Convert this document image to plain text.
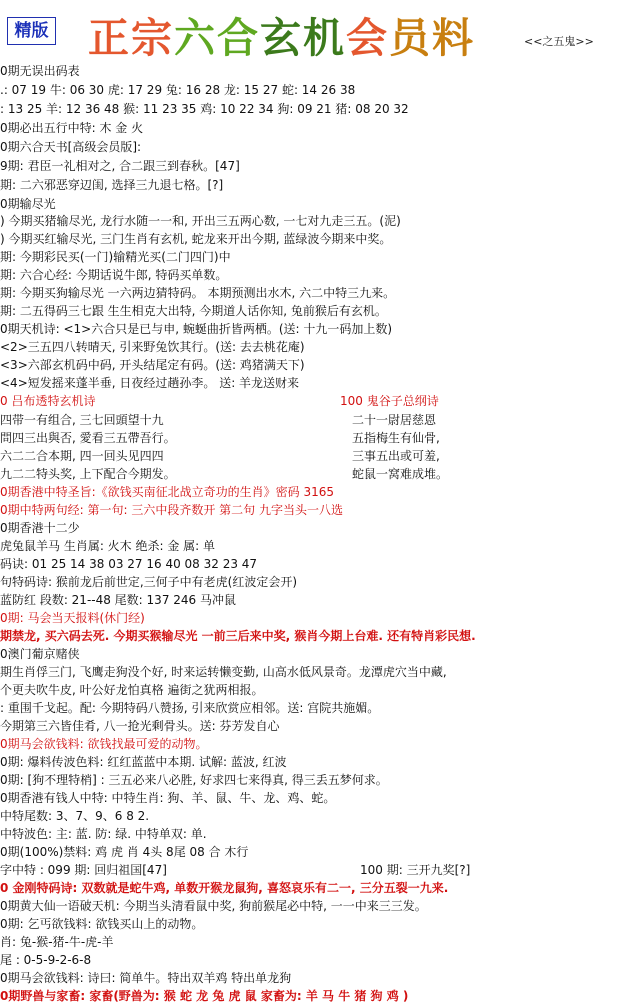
精版 正宗六合玄机会员料	<<之五鬼>>
0期无误出码表
.: 07 19 牛: 06 30 虎: 17 29 兔: 16 28 龙: 15 27 蛇: 14 26 38
: 13 25 羊: 12 36 48 猴: 11 23 35 鸡: 10 22 34 狗: 09 21 猪: 08 20 32
0期必出五行中特: 木 金 火
0期六合天书[高级会员版]:
9期: 君臣一礼相对之, 合二跟三到春秋。[47]
期: 二六邪恶穿辺闺, 选择三九退七格。[?]
0期输尽光
) 今期买猪输尽光, 龙行水随一一和, 开出三五两心数, 一七对九走三五。(泥)
) 今期买红输尽光, 三门生肖有玄机, 蛇龙来开出今期, 蓝绿波今期来中奖。
期: 今期彩民买(一门)输精光买(二门四门)中
期: 六合心经: 今期话说牛郎, 特码买单数。
期: 今期买狗输尽光 一六两边猜特码。 本期预测出水木, 六二中特三九来。
期: 二五得码三七跟 生生相克大出特, 今期道人话你知, 兔前猴后有玄机。
0期天机诗: <1>六合只是已与申, 蜿蜒曲折皆两栖。(送: 十九一码加上数)
<2>三五四八转晴天, 引来野兔饮其行。(送: 去去桃花庵)
<3>六部玄机码中码, 开头结尾定有码。(送: 鸡猪满天下)
<4>短发摇来蓬半垂, 日夜经过趟孙李。 送: 羊龙送财来
0 吕布透特玄机诗	100 鬼谷子总纲诗
四带一有组合, 三七回頭望十九	二十一尉居慈恩
問四三出與否, 愛看三五帶吾行。	五指梅生有仙骨,
六二二合本期, 四一回头见四四	三事五出或可羞,
九二二特头奖, 上下配合今期发。	蛇鼠一窝难成堆。
0期香港中特圣旨:《欲钱买南征北战立奇功的生肖》密码 3165
0期中特两句经: 第一句: 三六中段齐数开 第二句 九字当头一八选
0期香港十二少
虎兔鼠羊马 生肖属: 火木 绝杀: 金 属: 单
码诀: 01 25 14 38 03 27 16 40 08 32 23 47
句特码诗: 猴前龙后前世定,三何子中有老虎(红波定会开)
蓝防红 段数: 21--48 尾数: 137 246 马冲鼠
0期: 马会当天报料(休门经)
期禁龙, 买六码去死. 今期买猴输尽光 一前三后来中奖, 猴肖今期上台难. 还有特肖彩民想.
0澳门葡京赌侠
期生肖俘三门, 飞鹰走狗没个好, 时来运转懒变勤, 山高水低风景奇。龙潭虎穴当中藏,
个更夫吹牛皮, 叶公好龙怕真格 遍街之犹两相报。
: 重围千戈起。配: 今期特码八赞扬, 引来欣赏应相邻。送: 宫院共施媚。
今期第三六皆佳肴, 八一抢光剩骨头。送: 芬芳发自心
0期马会欲钱料: 欲钱找最可爱的动物。
0期: 爆料传波色料: 红红蓝蓝中本期. 试解: 蓝波, 红波
0期: [狗不理特梢] : 三五必来八必胜, 好求四七来得真, 得三丢五梦何求。
0期香港有钱人中特: 中特生肖: 狗、羊、鼠、牛、龙、鸡、蛇。
中特尾数: 3、7、9、6 8 2.
中特波色: 主: 蓝. 防: 绿. 中特单双: 单.
0期(100%)禁料: 鸡 虎 肖 4头 8尾 08 合 木行
字中特 : 099 期: 回归祖国[47]	100 期: 三开九奖[?]
0 金刚特码诗: 双数就是蛇牛鸡, 单数开猴龙鼠狗, 喜怒哀乐有二一, 三分五裂一九来.
0期黄大仙一语破天机: 今期当头清看鼠中奖, 狗前猴尾必中特, 一一中来三三发。
0期: 乞丐欲钱料: 欲钱买山上的动物。
肖: 兔-猴-猪-牛-虎-羊
尾 : 0-5-9-2-6-8
0期马会欲钱料: 诗曰: 简单牛。特出双羊鸡 特出单龙狗
0期野兽与家畜: 家畜(野兽为: 猴 蛇 龙 兔 虎 鼠 家畜为: 羊 马 牛 猪 狗 鸡 )
